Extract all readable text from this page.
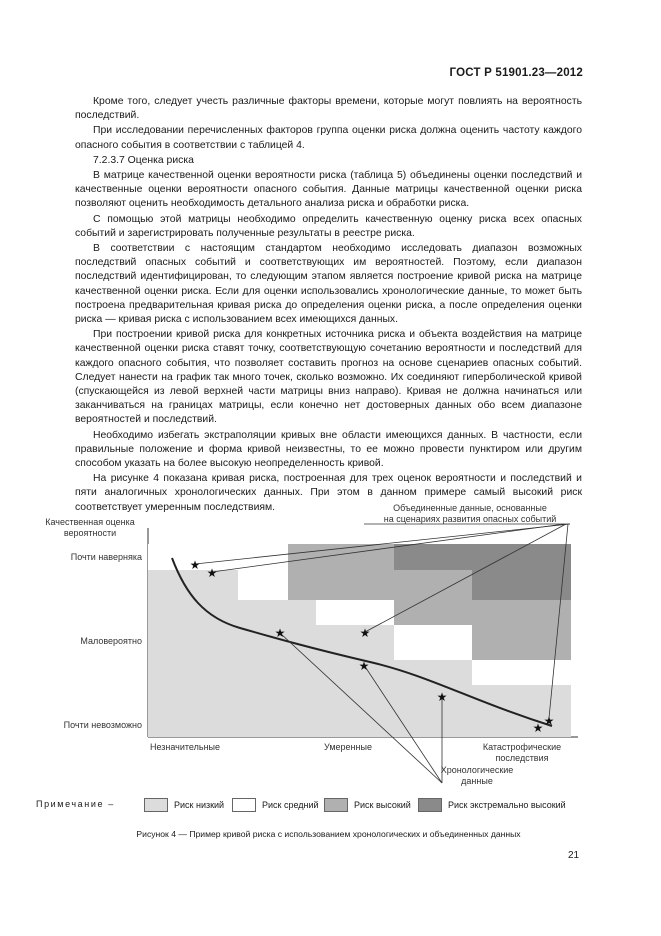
ГОСТ Р 51901.23—2012

Кроме того, следует учесть различные факторы времени, которые могут повлиять на вероятность последствий.

При исследовании перечисленных факторов группа оценки риска должна оценить частоту каждого опасного события в соответствии с таблицей 4.

7.2.3.7 Оценка риска

В матрице качественной оценки вероятности риска (таблица 5) объединены оценки последствий и качественные оценки вероятности опасного события. Данные матрицы качественной оценки риска позволяют оценить необходимость детального анализа риска и обработки риска.

С помощью этой матрицы необходимо определить качественную оценку риска всех опасных событий и зарегистрировать полученные результаты в реестре риска.

В соответствии с настоящим стандартом необходимо исследовать диапазон возможных последствий опасных событий и соответствующих им вероятностей. Поэтому, если диапазон последствий идентифицирован, то следующим этапом является построение кривой риска на матрице качественной оценки риска. Если для оценки использовались хронологические данные, то может быть построена предварительная кривая риска до определения оценки риска, а после определения оценки риска — кривая риска с использованием всех имеющихся данных.

При построении кривой риска для конкретных источника риска и объекта воздействия на матрице качественной оценки риска ставят точку, соответствующую сочетанию вероятности и последствий для каждого опасного события, что позволяет составить прогноз на основе сценариев опасных событий. Следует нанести на график так много точек, сколько возможно. Их соединяют гиперболической кривой (спускающейся из левой верхней части матрицы вниз направо). Кривая не должна начинаться или заканчиваться на границах матрицы, если конечно нет достоверных данных обо всем диапазоне вероятностей и последствий.

Необходимо избегать экстраполяции кривых вне области имеющихся данных. В частности, если правильные положение и форма кривой неизвестны, то ее можно провести пунктиром или другим способом указать на более высокую неопределенность кривой.

На рисунке 4 показана кривая риска, построенная для трех оценок вероятности и последствий и пяти аналогичных хронологических данных. При этом в данном примере самый высокий риск соответствует умеренным последствиям.

Качественная оценка
вероятности
Почти наверняка
Маловероятно
Почти невозможно
Незначительные	Умеренные	Катастрофические
последствия
Объединенные данные, основанные
на сценариях развития опасных событий
Хронологические
данные
★
★
★	★
★
★
★ ★
Примечание –	Риск низкий	Риск средний	Риск высокий	Риск экстремально высокий
Рисунок 4 — Пример кривой риска с использованием хронологических и объединенных данных
21
